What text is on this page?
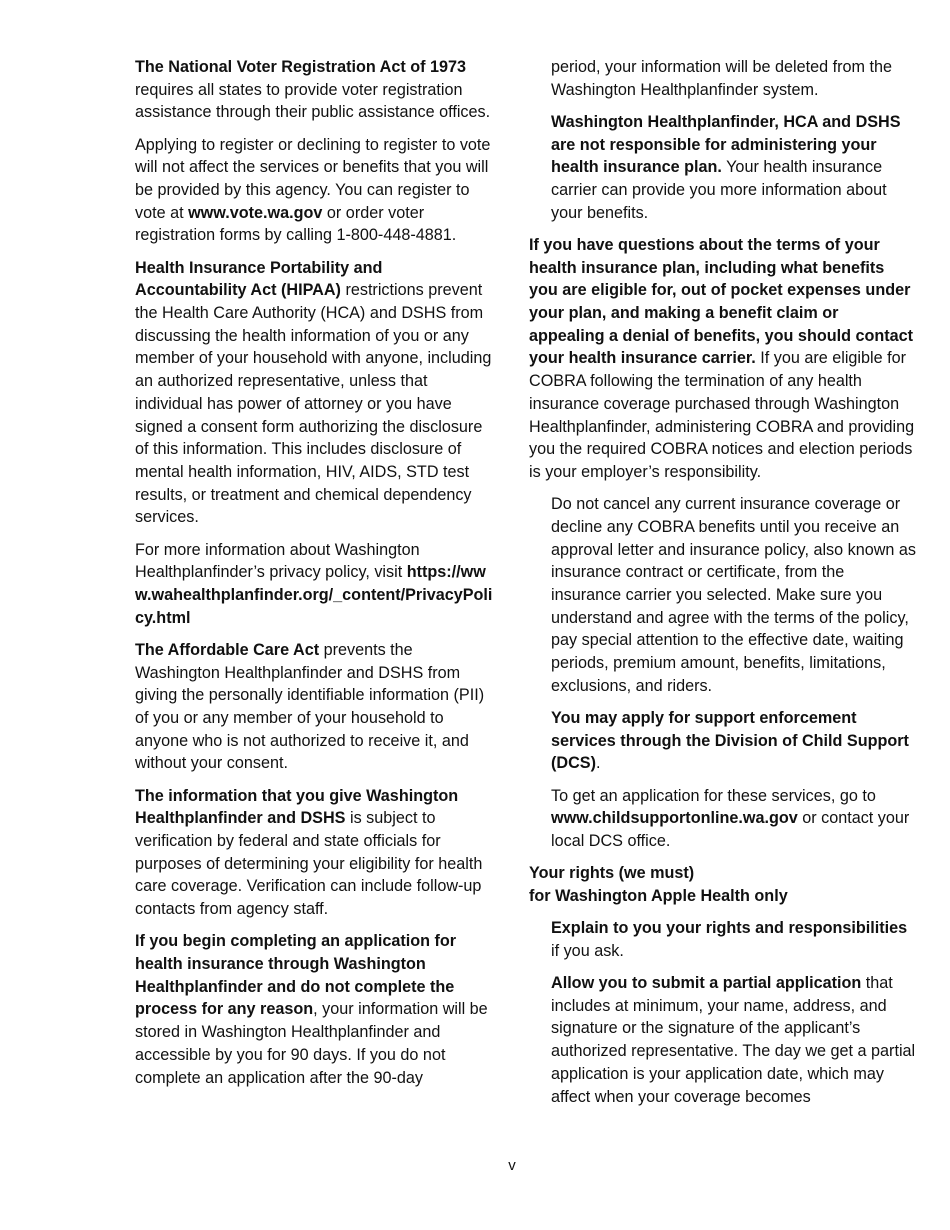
The National Voter Registration Act of 1973 requires all states to provide voter registration assistance through their public assistance offices.

Applying to register or declining to register to vote will not affect the services or benefits that you will be provided by this agency. You can register to vote at www.vote.wa.gov or order voter registration forms by calling 1-800-448-4881.

Health Insurance Portability and Accountability Act (HIPAA) restrictions prevent the Health Care Authority (HCA) and DSHS from discussing the health information of you or any member of your household with anyone, including an authorized representative, unless that individual has power of attorney or you have signed a consent form authorizing the disclosure of this information. This includes disclosure of mental health information, HIV, AIDS, STD test results, or treatment and chemical dependency services.

For more information about Washington Healthplanfinder’s privacy policy, visit https://www.wahealthplanfinder.org/_content/PrivacyPolicy.html

The Affordable Care Act prevents the Washington Healthplanfinder and DSHS from giving the personally identifiable information (PII) of you or any member of your household to anyone who is not authorized to receive it, and without your consent.

The information that you give Washington Healthplanfinder and DSHS is subject to verification by federal and state officials for purposes of determining your eligibility for health care coverage. Verification can include follow-up contacts from agency staff.

If you begin completing an application for health insurance through Washington Healthplanfinder and do not complete the process for any reason, your information will be stored in Washington Healthplanfinder and accessible by you for 90 days. If you do not complete an application after the 90-day

period, your information will be deleted from the Washington Healthplanfinder system.

Washington Healthplanfinder, HCA and DSHS are not responsible for administering your health insurance plan. Your health insurance carrier can provide you more information about your benefits.

If you have questions about the terms of your health insurance plan, including what benefits you are eligible for, out of pocket expenses under your plan, and making a benefit claim or appealing a denial of benefits, you should contact your health insurance carrier. If you are eligible for COBRA following the termination of any health insurance coverage purchased through Washington Healthplanfinder, administering COBRA and providing you the required COBRA notices and election periods is your employer’s responsibility.

Do not cancel any current insurance coverage or decline any COBRA benefits until you receive an approval letter and insurance policy, also known as insurance contract or certificate, from the insurance carrier you selected. Make sure you understand and agree with the terms of the policy, pay special attention to the effective date, waiting periods, premium amount, benefits, limitations, exclusions, and riders.

You may apply for support enforcement services through the Division of Child Support (DCS).

To get an application for these services, go to www.childsupportonline.wa.gov or contact your local DCS office.

Your rights (we must)
for Washington Apple Health only

Explain to you your rights and responsibilities if you ask.

Allow you to submit a partial application that includes at minimum, your name, address, and signature or the signature of the applicant’s authorized representative. The day we get a partial application is your application date, which may affect when your coverage becomes

v
